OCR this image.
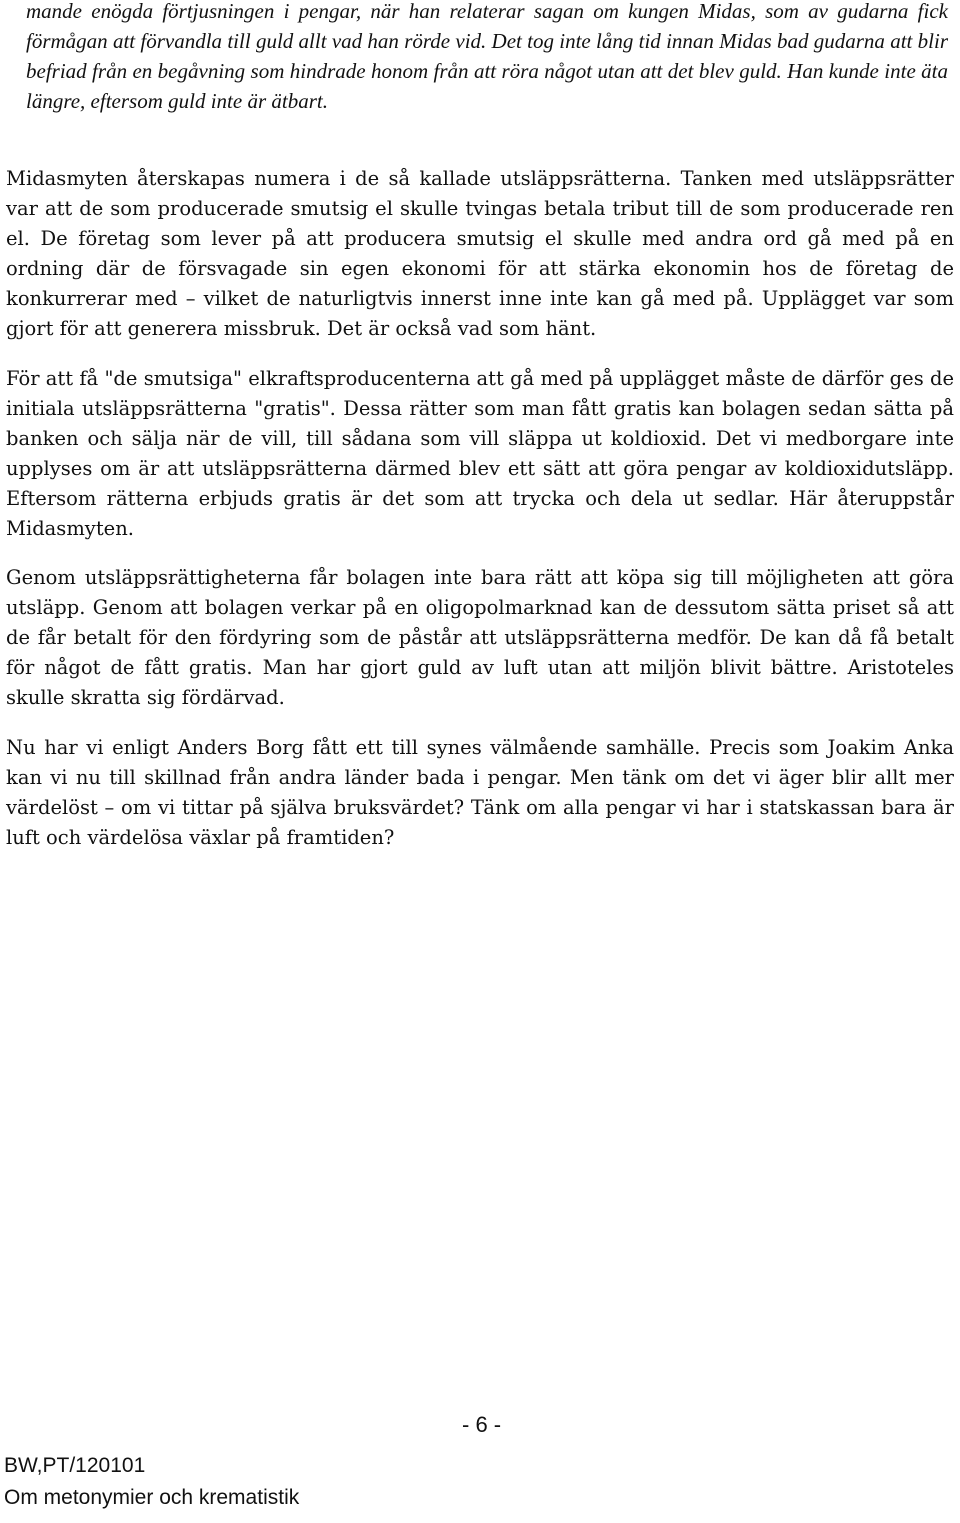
mande enögda förtjusningen i pengar, när han relaterar sagan om kungen Midas, som av gudarna fick förmågan att förvandla till guld allt vad han rörde vid. Det tog inte lång tid innan Midas bad gudarna att blir befriad från en begåvning som hindrade honom från att röra något utan att det blev guld. Han kunde inte äta längre, eftersom guld inte är ätbart.

Midasmyten återskapas numera i de så kallade utsläppsrätterna. Tanken med utsläppsrätter var att de som producerade smutsig el skulle tvingas betala tribut till de som producerade ren el. De företag som lever på att producera smutsig el skulle med andra ord gå med på en ordning där de försvagade sin egen ekonomi för att stärka ekonomin hos de företag de konkurrerar med – vilket de naturligtvis innerst inne inte kan gå med på. Upplägget var som gjort för att generera missbruk. Det är också vad som hänt.

För att få "de smutsiga" elkraftsproducenterna att gå med på upplägget måste de därför ges de initiala utsläppsrätterna "gratis". Dessa rätter som man fått gratis kan bolagen sedan sätta på banken och sälja när de vill, till sådana som vill släppa ut koldioxid. Det vi medborgare inte upplyses om är att utsläppsrätterna därmed blev ett sätt att göra pengar av koldioxidutsläpp. Eftersom rätterna erbjuds gratis är det som att trycka och dela ut sedlar. Här återuppstår Midasmyten.

Genom utsläppsrättigheterna får bolagen inte bara rätt att köpa sig till möjligheten att göra utsläpp. Genom att bolagen verkar på en oligopolmarknad kan de dessutom sätta priset så att de får betalt för den fördyring som de påstår att utsläppsrätterna medför. De kan då få betalt för något de fått gratis. Man har gjort guld av luft utan att miljön blivit bättre. Aristoteles skulle skratta sig fördärvad.

Nu har vi enligt Anders Borg fått ett till synes välmående samhälle. Precis som Joakim Anka kan vi nu till skillnad från andra länder bada i pengar. Men tänk om det vi äger blir allt mer värdelöst – om vi tittar på själva bruksvärdet? Tänk om alla pengar vi har i statskassan bara är luft och värdelösa växlar på framtiden?

- 6 -
BW,PT/120101
Om metonymier och krematistik
